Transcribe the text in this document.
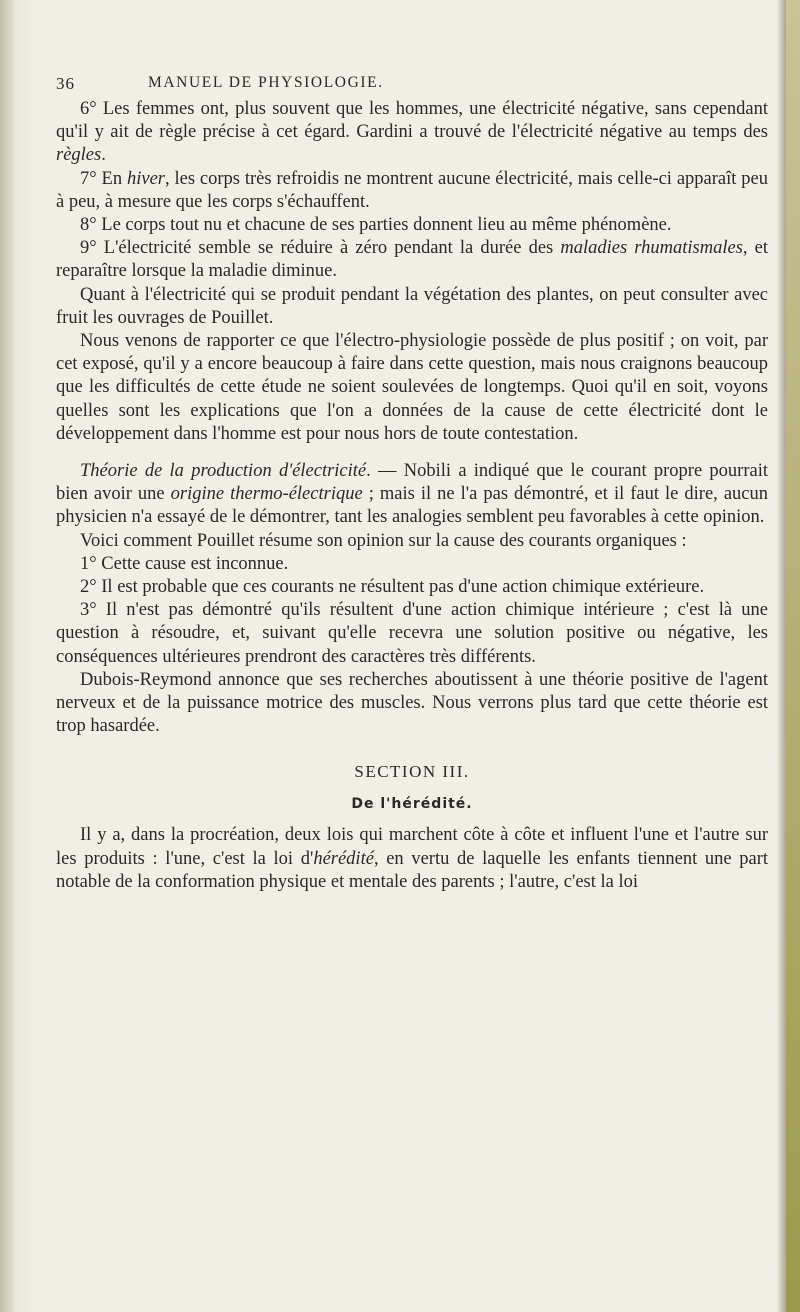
36	MANUEL DE PHYSIOLOGIE.

6° Les femmes ont, plus souvent que les hommes, une électricité négative, sans cependant qu'il y ait de règle précise à cet égard. Gardini a trouvé de l'électricité négative au temps des règles.

7° En hiver, les corps très refroidis ne montrent aucune électricité, mais celle-ci apparaît peu à peu, à mesure que les corps s'échauffent.

8° Le corps tout nu et chacune de ses parties donnent lieu au même phénomène.

9° L'électricité semble se réduire à zéro pendant la durée des maladies rhumatismales, et reparaître lorsque la maladie diminue.

Quant à l'électricité qui se produit pendant la végétation des plantes, on peut consulter avec fruit les ouvrages de Pouillet.

Nous venons de rapporter ce que l'électro-physiologie possède de plus positif ; on voit, par cet exposé, qu'il y a encore beaucoup à faire dans cette question, mais nous craignons beaucoup que les difficultés de cette étude ne soient soulevées de longtemps. Quoi qu'il en soit, voyons quelles sont les explications que l'on a données de la cause de cette électricité dont le développement dans l'homme est pour nous hors de toute contestation.

Théorie de la production d'électricité. — Nobili a indiqué que le courant propre pourrait bien avoir une origine thermo-électrique ; mais il ne l'a pas démontré, et il faut le dire, aucun physicien n'a essayé de le démontrer, tant les analogies semblent peu favorables à cette opinion.

Voici comment Pouillet résume son opinion sur la cause des courants organiques :

1° Cette cause est inconnue.

2° Il est probable que ces courants ne résultent pas d'une action chimique extérieure.

3° Il n'est pas démontré qu'ils résultent d'une action chimique intérieure ; c'est là une question à résoudre, et, suivant qu'elle recevra une solution positive ou négative, les conséquences ultérieures prendront des caractères très différents.

Dubois-Reymond annonce que ses recherches aboutissent à une théorie positive de l'agent nerveux et de la puissance motrice des muscles. Nous verrons plus tard que cette théorie est trop hasardée.

SECTION III.
De l'hérédité.

Il y a, dans la procréation, deux lois qui marchent côte à côte et influent l'une et l'autre sur les produits : l'une, c'est la loi d'hérédité, en vertu de laquelle les enfants tiennent une part notable de la conformation physique et mentale des parents ; l'autre, c'est la loi
